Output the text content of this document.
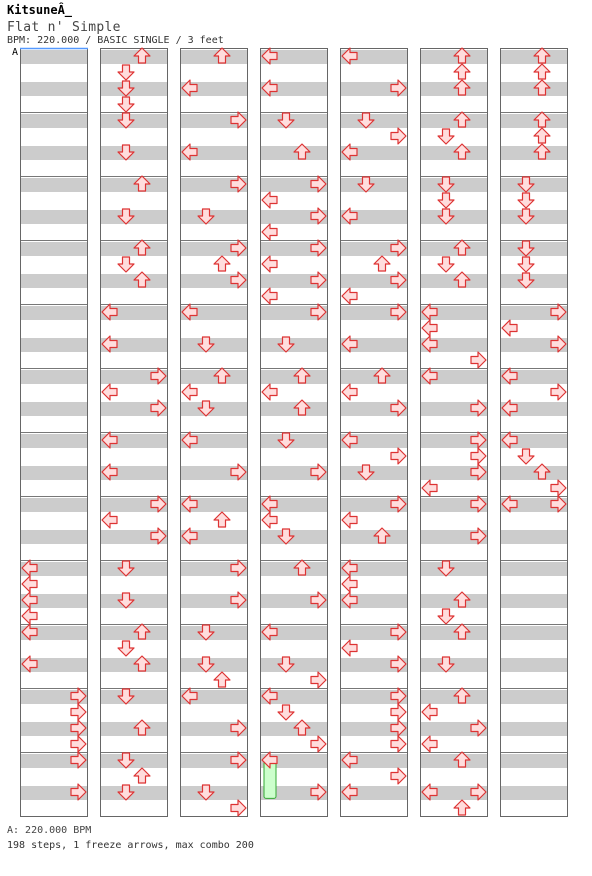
KitsuneÂ_
Flat n' Simple
BPM: 220.000 / BASIC SINGLE / 3 feet
A
A: 220.000 BPM
198 steps, 1 freeze arrows, max combo 200
